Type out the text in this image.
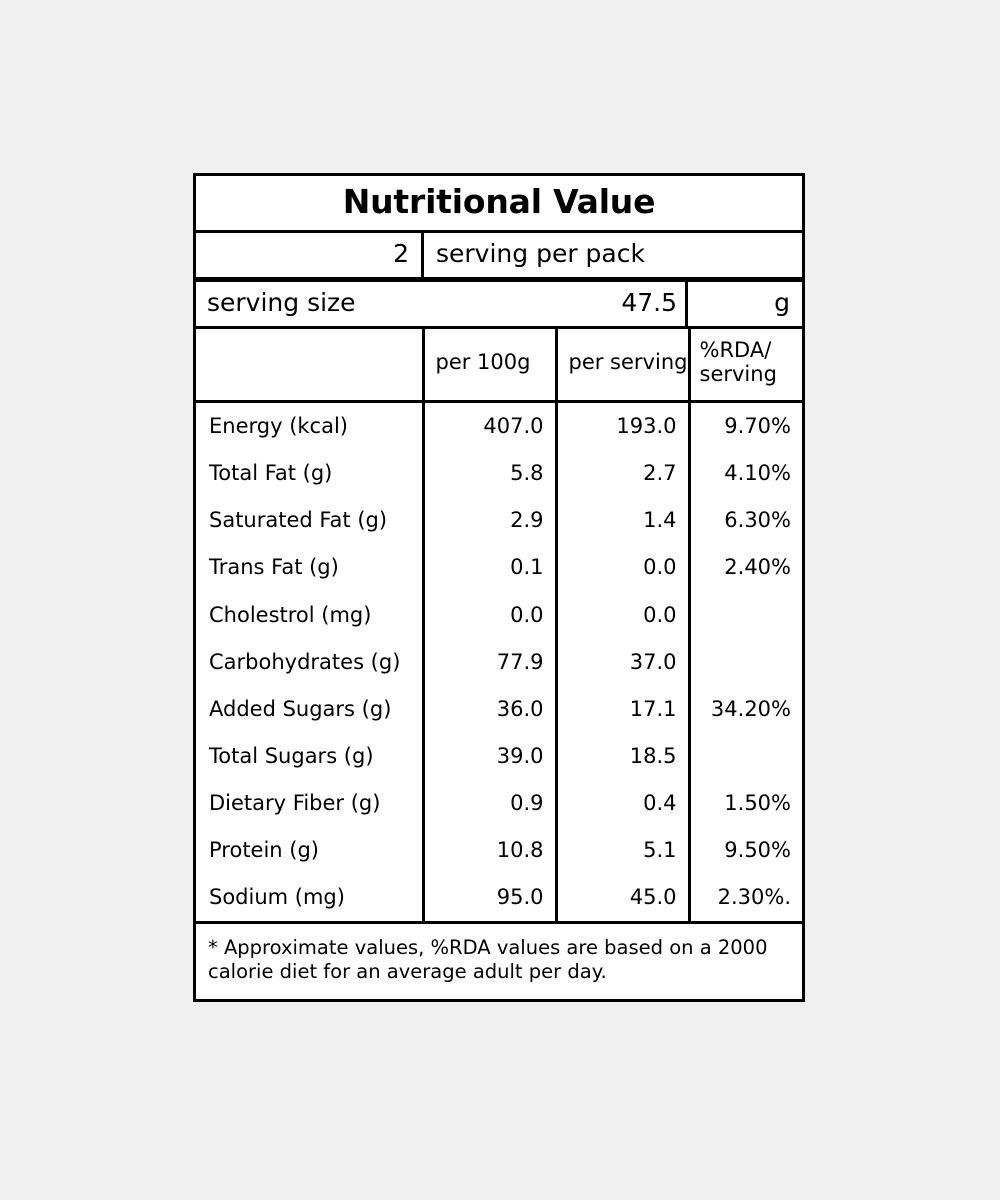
Nutritional Value
2	serving per pack
serving size	47.5	g
	per 100g	per serving	%RDA/ serving
Energy (kcal)	407.0	193.0	9.70%
Total Fat (g)	5.8	2.7	4.10%
Saturated Fat (g)	2.9	1.4	6.30%
Trans Fat (g)	0.1	0.0	2.40%
Cholestrol (mg)	0.0	0.0	
Carbohydrates (g)	77.9	37.0	
Added Sugars (g)	36.0	17.1	34.20%
Total Sugars (g)	39.0	18.5	
Dietary Fiber (g)	0.9	0.4	1.50%
Protein (g)	10.8	5.1	9.50%
Sodium (mg)	95.0	45.0	2.30%.
* Approximate values, %RDA values are based on a 2000 calorie diet for an average adult per day.
